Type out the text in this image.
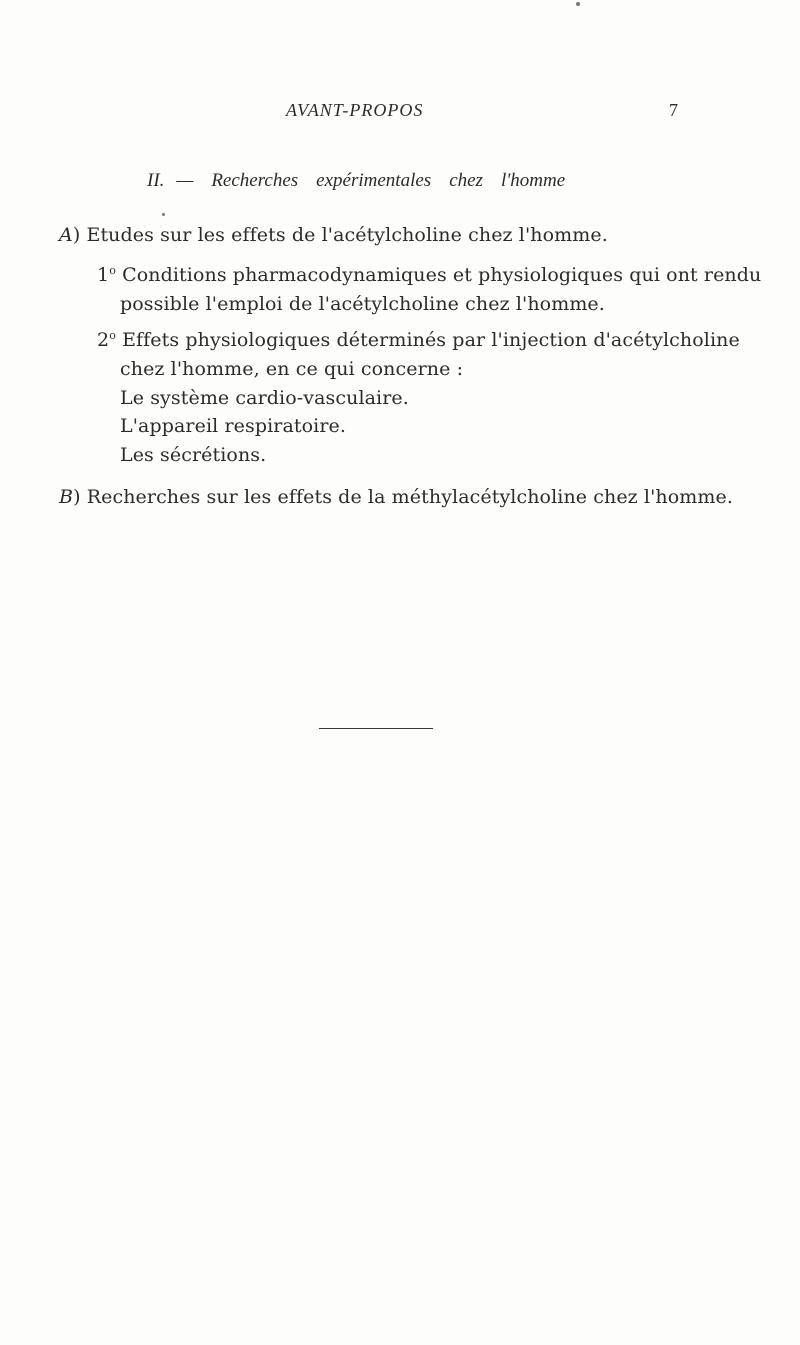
AVANT-PROPOS	7
II. — Recherches expérimentales chez l'homme
A) Etudes sur les effets de l'acétylcholine chez l'homme.
1$^o$ Conditions pharmacodynamiques et physiologiques qui ont rendu
possible l'emploi de l'acétylcholine chez l'homme.
2$^o$ Effets physiologiques déterminés par l'injection d'acétylcholine
chez l'homme, en ce qui concerne :
Le système cardio-vasculaire.
L'appareil respiratoire.
Les sécrétions.
B) Recherches sur les effets de la méthylacétylcholine chez l'homme.
